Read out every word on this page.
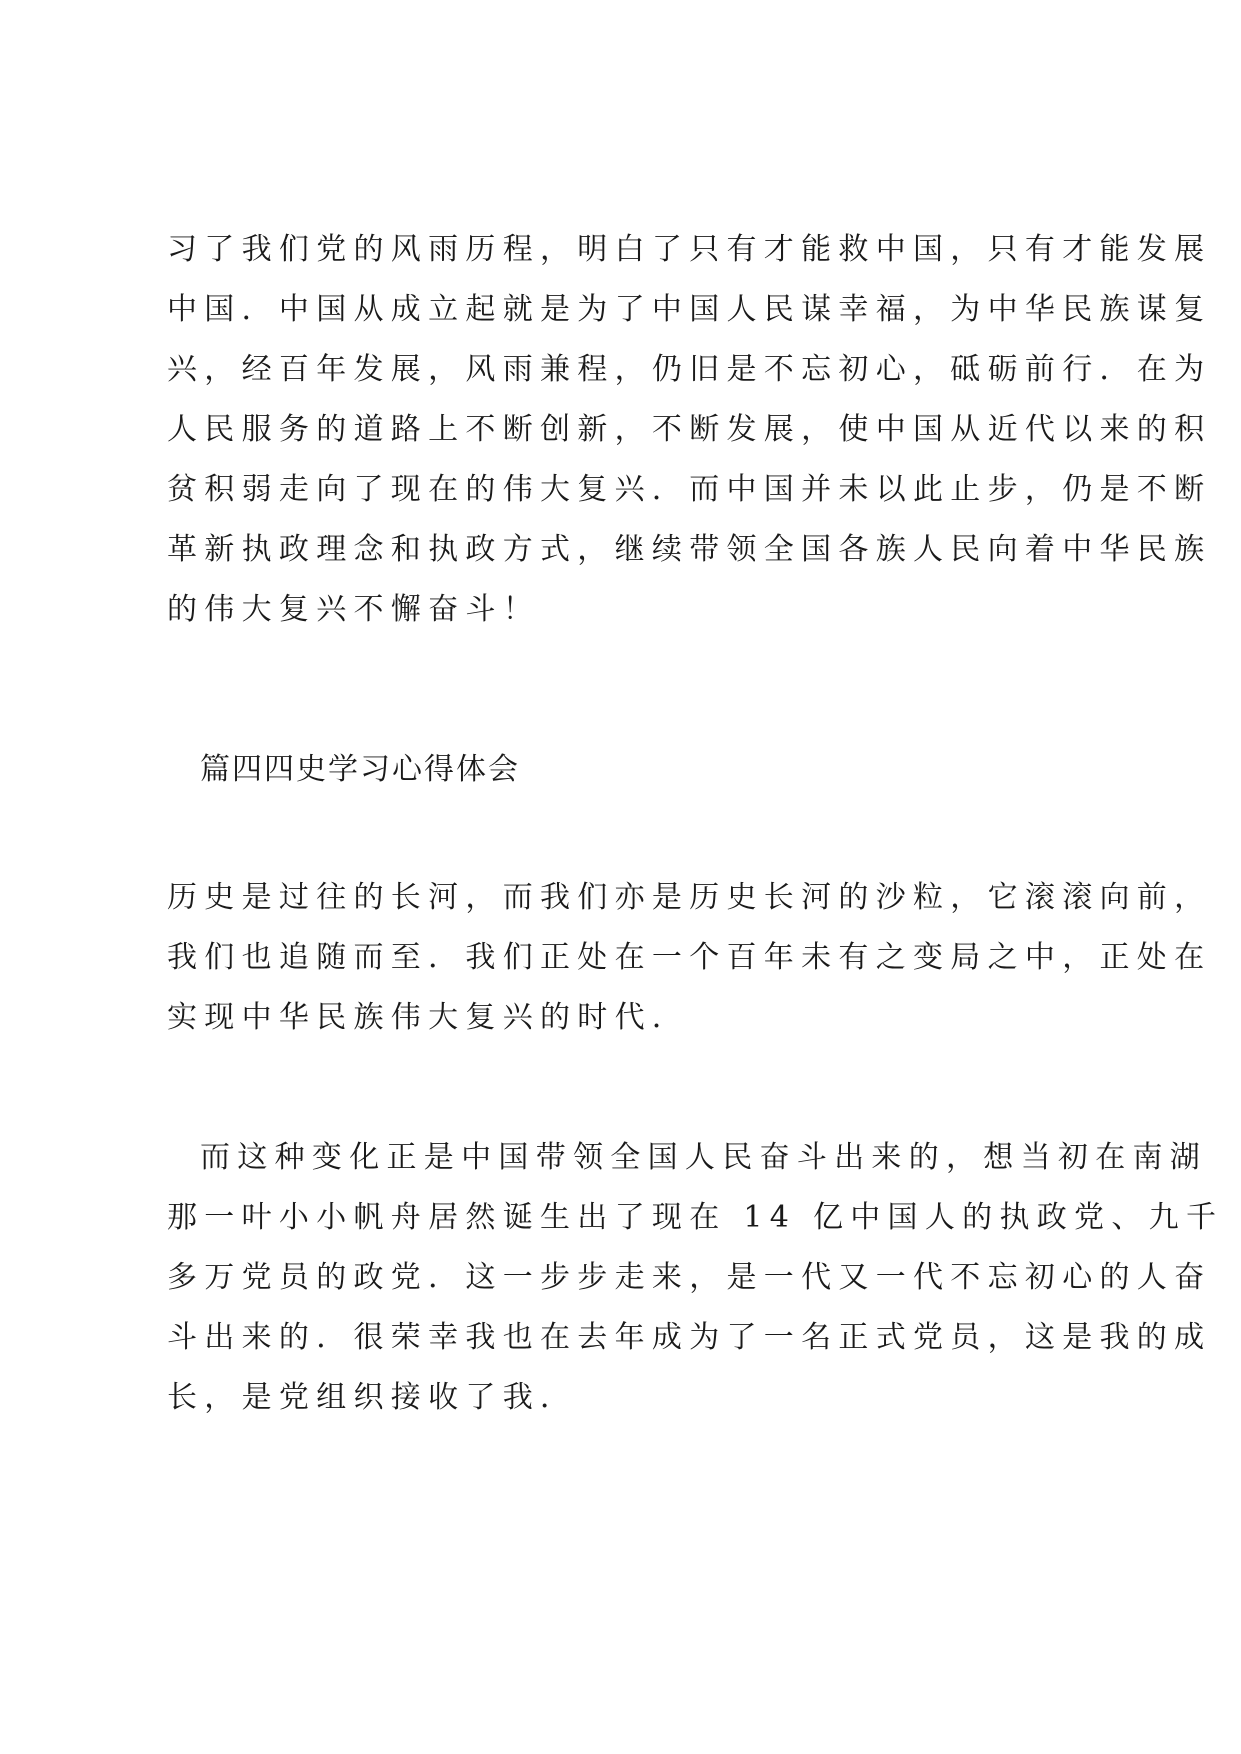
习了我们党的风雨历程，明白了只有才能救中国，只有才能发展

中国．中国从成立起就是为了中国人民谋幸福，为中华民族谋复

兴，经百年发展，风雨兼程，仍旧是不忘初心，砥砺前行．在为

人民服务的道路上不断创新，不断发展，使中国从近代以来的积

贫积弱走向了现在的伟大复兴．而中国并未以此止步，仍是不断

革新执政理念和执政方式，继续带领全国各族人民向着中华民族

的伟大复兴不懈奋斗！

篇四四史学习心得体会

历史是过往的长河，而我们亦是历史长河的沙粒，它滚滚向前，

我们也追随而至．我们正处在一个百年未有之变局之中，正处在

实现中华民族伟大复兴的时代．

而这种变化正是中国带领全国人民奋斗出来的，想当初在南湖

那一叶小小帆舟居然诞生出了现在 14 亿中国人的执政党、九千

多万党员的政党．这一步步走来，是一代又一代不忘初心的人奋

斗出来的．很荣幸我也在去年成为了一名正式党员，这是我的成

长，是党组织接收了我．
